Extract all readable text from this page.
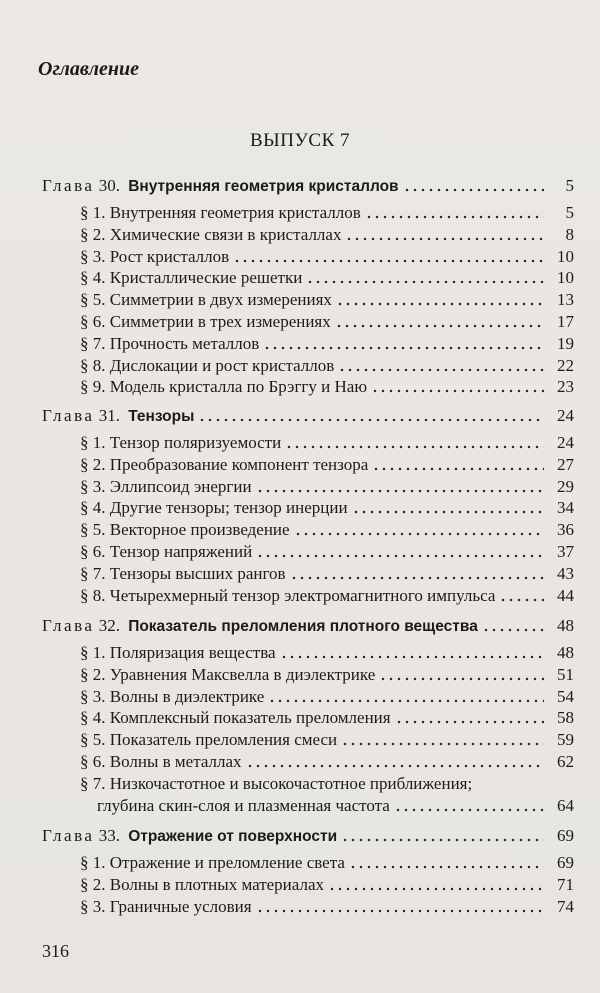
Оглавление
ВЫПУСК 7
Глава 30. Внутренняя геометрия кристаллов	5
§ 1. Внутренняя геометрия кристаллов	5
§ 2. Химические связи в кристаллах	8
§ 3. Рост кристаллов	10
§ 4. Кристаллические решетки	10
§ 5. Симметрии в двух измерениях	13
§ 6. Симметрии в трех измерениях	17
§ 7. Прочность металлов	19
§ 8. Дислокации и рост кристаллов	22
§ 9. Модель кристалла по Брэггу и Наю	23
Глава 31. Тензоры	24
§ 1. Тензор поляризуемости	24
§ 2. Преобразование компонент тензора	27
§ 3. Эллипсоид энергии	29
§ 4. Другие тензоры; тензор инерции	34
§ 5. Векторное произведение	36
§ 6. Тензор напряжений	37
§ 7. Тензоры высших рангов	43
§ 8. Четырехмерный тензор электромагнитного импульса	44
Глава 32. Показатель преломления плотного вещества	48
§ 1. Поляризация вещества	48
§ 2. Уравнения Максвелла в диэлектрике	51
§ 3. Волны в диэлектрике	54
§ 4. Комплексный показатель преломления	58
§ 5. Показатель преломления смеси	59
§ 6. Волны в металлах	62
§ 7. Низкочастотное и высокочастотное приближения;
глубина скин-слоя и плазменная частота	64
Глава 33. Отражение от поверхности	69
§ 1. Отражение и преломление света	69
§ 2. Волны в плотных материалах	71
§ 3. Граничные условия	74
316
